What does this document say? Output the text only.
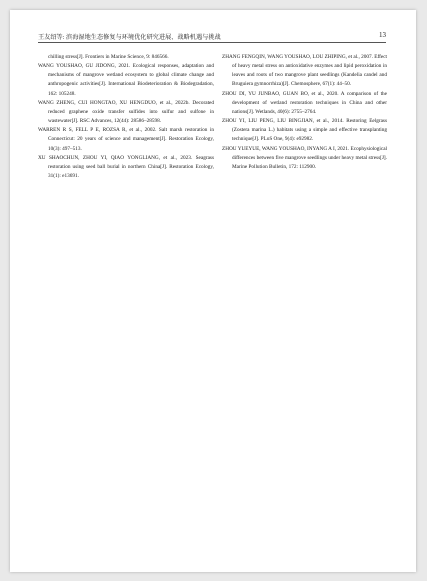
王友绍等: 滨海湿地生态修复与环境优化研究进展、战略机遇与挑战	13

chilling stress[J]. Frontiers in Marine Science, 9: 846566.

WANG YOUSHAO, GU JIDONG, 2021. Ecological responses, adaptation and mechanisms of mangrove wetland ecosystem to global climate change and anthropogenic activities[J]. International Biodeterioration & Biodegradation, 162: 105248.

WANG ZHENG, CUI HONGTAO, XU HENGDUO, et al., 2022b. Decorated reduced graphene oxide transfer sulfides into sulfur and sulfone in wastewater[J]. RSC Advances, 12(44): 28586–28598.

WARREN R S, FELL P E, ROZSA R, et al., 2002. Salt marsh restoration in Connecticut: 20 years of science and management[J]. Restoration Ecology, 10(3): 497–513.

XU SHAOCHUN, ZHOU YI, QIAO YONGLIANG, et al., 2023. Seagrass restoration using seed ball burial in northern China[J]. Restoration Ecology, 31(1): e13691.

ZHANG FENGQIN, WANG YOUSHAO, LOU ZHIPING, et al., 2007. Effect of heavy metal stress on antioxidative enzymes and lipid peroxidation in leaves and roots of two mangrove plant seedlings (Kandelia candel and Bruguiera gymnorrhiza)[J]. Chemosphere, 67(1): 44–50.

ZHOU DI, YU JUNBAO, GUAN BO, et al., 2020. A comparison of the development of wetland restoration techniques in China and other nations[J]. Wetlands, 40(6): 2755–2764.

ZHOU YI, LIU PENG, LIU BINGJIAN, et al., 2014. Restoring Eelgrass (Zostera marina L.) habitats using a simple and effective transplanting technique[J]. PLoS One, 9(4): e92982.

ZHOU YUEYUE, WANG YOUSHAO, INYANG A I, 2021. Ecophysiological differences between five mangrove seedlings under heavy metal stress[J]. Marine Pollution Bulletin, 172: 112900.
